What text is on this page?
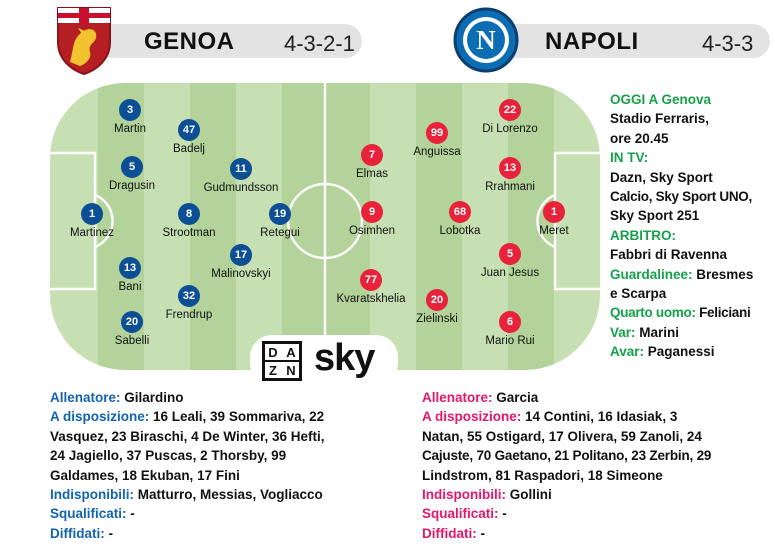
GENOA 4-3-2-1	N NAPOLI	4-3-3
3
Martin	47
Badelj
5
Dragusin
11
Gudmundsson
1
Martinez
8
Strootman
19
Retegui
17
Malinovskyi
13
Bani
32
Frendrup
20
Sabelli
22
Di Lorenzo
99
Anguissa
7
Elmas	13
Rrahmani
9
Osimhen
68
Lobotka
1
Meret
5
Juan Jesus
77
Kvaratskhelia	20
Zielinski	6
Mario Rui
D A
Z N sky
OGGI A Genova
Stadio Ferraris,
ore 20.45
IN TV:
Dazn, Sky Sport
Calcio, Sky Sport UNO,
Sky Sport 251
ARBITRO:
Fabbri di Ravenna
Guardalinee: Bresmes
e Scarpa
Quarto uomo: Feliciani
Var: Marini
Avar: Paganessi
Allenatore: Gilardino
A disposizione: 16 Leali, 39 Sommariva, 22
Vasquez, 23 Biraschi, 4 De Winter, 36 Hefti,
24 Jagiello, 37 Puscas, 2 Thorsby, 99
Galdames, 18 Ekuban, 17 Fini
Indisponibili: Matturro, Messias, Vogliacco
Squalificati: -
Diffidati: -
Allenatore: Garcia
A disposizione: 14 Contini, 16 Idasiak, 3
Natan, 55 Ostigard, 17 Olivera, 59 Zanoli, 24
Cajuste, 70 Gaetano, 21 Politano, 23 Zerbin, 29
Lindstrom, 81 Raspadori, 18 Simeone
Indisponibili: Gollini
Squalificati: -
Diffidati: -
